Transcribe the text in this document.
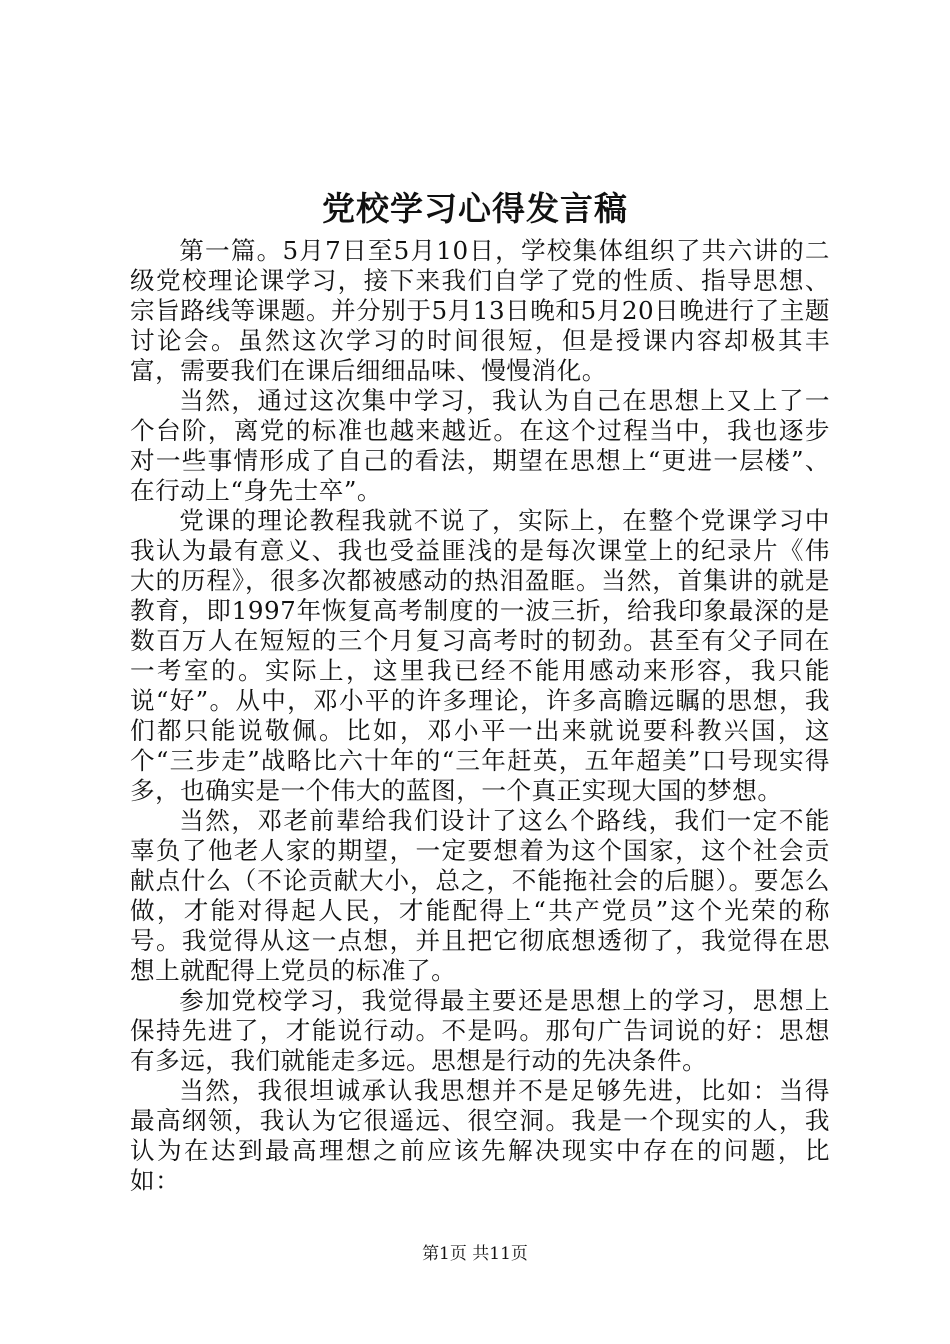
党校学习心得发言稿

第一篇。5月7日至5月10日，学校集体组织了共六讲的二级党校理论课学习，接下来我们自学了党的性质、指导思想、宗旨路线等课题。并分别于5月13日晚和5月20日晚进行了主题讨论会。虽然这次学习的时间很短，但是授课内容却极其丰富，需要我们在课后细细品味、慢慢消化。

当然，通过这次集中学习，我认为自己在思想上又上了一个台阶，离党的标准也越来越近。在这个过程当中，我也逐步对一些事情形成了自己的看法，期望在思想上“更进一层楼”、在行动上“身先士卒”。

党课的理论教程我就不说了，实际上，在整个党课学习中我认为最有意义、我也受益匪浅的是每次课堂上的纪录片《伟大的历程》，很多次都被感动的热泪盈眶。当然，首集讲的就是教育，即1997年恢复高考制度的一波三折，给我印象最深的是数百万人在短短的三个月复习高考时的韧劲。甚至有父子同在一考室的。实际上，这里我已经不能用感动来形容，我只能说“好”。从中，邓小平的许多理论，许多高瞻远瞩的思想，我们都只能说敬佩。比如，邓小平一出来就说要科教兴国，这个“三步走”战略比六十年的“三年赶英，五年超美”口号现实得多，也确实是一个伟大的蓝图，一个真正实现大国的梦想。

当然，邓老前辈给我们设计了这么个路线，我们一定不能辜负了他老人家的期望，一定要想着为这个国家，这个社会贡献点什么（不论贡献大小，总之，不能拖社会的后腿）。要怎么做，才能对得起人民，才能配得上“共产党员”这个光荣的称号。我觉得从这一点想，并且把它彻底想透彻了，我觉得在思想上就配得上党员的标准了。

参加党校学习，我觉得最主要还是思想上的学习，思想上保持先进了，才能说行动。不是吗。那句广告词说的好：思想有多远，我们就能走多远。思想是行动的先决条件。

当然，我很坦诚承认我思想并不是足够先进，比如：当得最高纲领，我认为它很遥远、很空洞。我是一个现实的人，我认为在达到最高理想之前应该先解决现实中存在的问题，比如：

第1页 共11页
